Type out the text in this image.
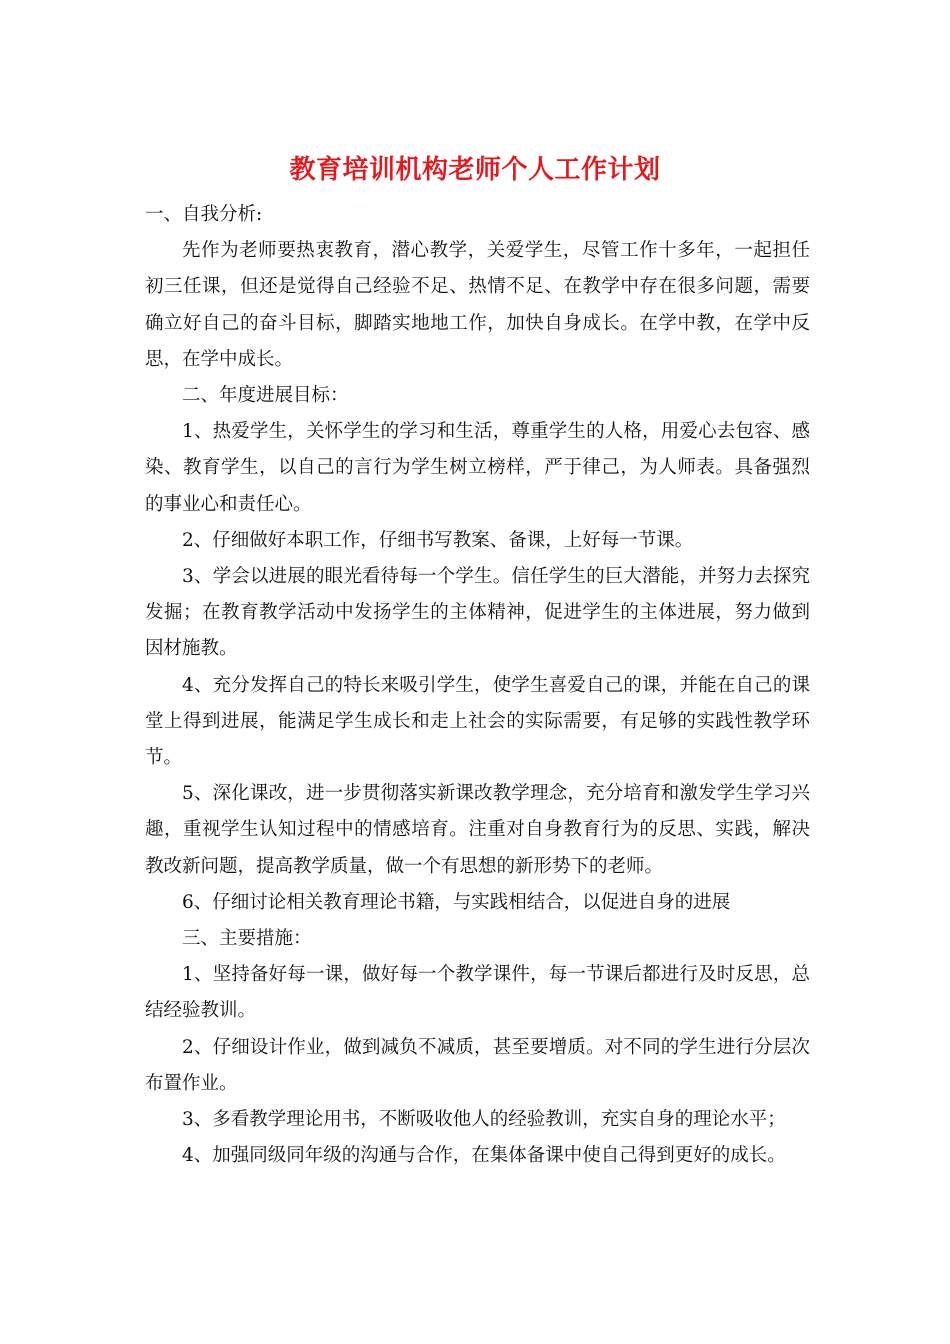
教育培训机构老师个人工作计划

一、自我分析:

先作为老师要热衷教育，潜心教学，关爱学生，尽管工作十多年，一起担任初三任课，但还是觉得自己经验不足、热情不足、在教学中存在很多问题，需要确立好自己的奋斗目标，脚踏实地地工作，加快自身成长。在学中教，在学中反思，在学中成长。

二、年度进展目标：

1、热爱学生，关怀学生的学习和生活，尊重学生的人格，用爱心去包容、感染、教育学生，以自己的言行为学生树立榜样，严于律己，为人师表。具备强烈的事业心和责任心。

2、仔细做好本职工作，仔细书写教案、备课，上好每一节课。

3、学会以进展的眼光看待每一个学生。信任学生的巨大潜能，并努力去探究发掘；在教育教学活动中发扬学生的主体精神，促进学生的主体进展，努力做到因材施教。

4、充分发挥自己的特长来吸引学生，使学生喜爱自己的课，并能在自己的课堂上得到进展，能满足学生成长和走上社会的实际需要，有足够的实践性教学环节。

5、深化课改，进一步贯彻落实新课改教学理念，充分培育和激发学生学习兴趣，重视学生认知过程中的情感培育。注重对自身教育行为的反思、实践，解决教改新问题，提高教学质量，做一个有思想的新形势下的老师。

6、仔细讨论相关教育理论书籍，与实践相结合，以促进自身的进展

三、主要措施：

1、坚持备好每一课，做好每一个教学课件，每一节课后都进行及时反思，总结经验教训。

2、仔细设计作业，做到减负不减质，甚至要增质。对不同的学生进行分层次布置作业。

3、多看教学理论用书，不断吸收他人的经验教训，充实自身的理论水平；

4、加强同级同年级的沟通与合作，在集体备课中使自己得到更好的成长。
